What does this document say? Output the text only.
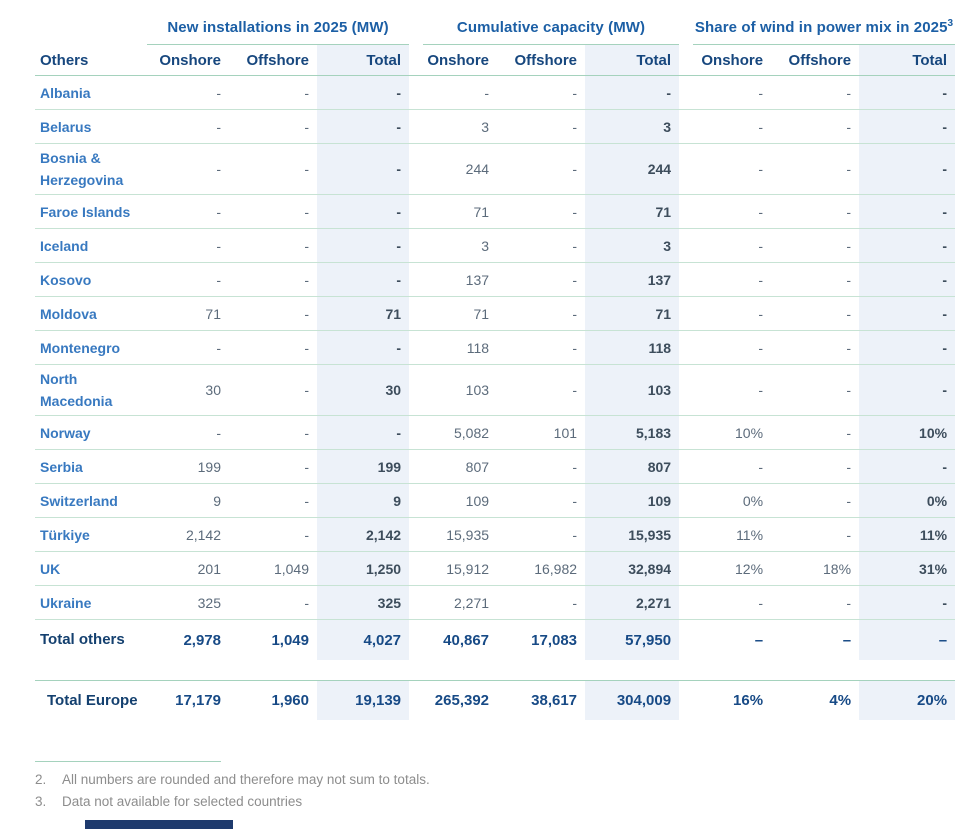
	New installations in 2025 (MW)			Cumulative capacity (MW)			Share of wind in power mix in 2025$^3$

Others	Onshore	Offshore	Total	Onshore	Offshore	Total	Onshore	Offshore	Total
Albania	-	-	-	-	-	-	-	-	-
Belarus	-	-	-	3	-	3	-	-	-
Bosnia & Herzegovina	-	-	-	244	-	244	-	-	-
Faroe Islands	-	-	-	71	-	71	-	-	-
Iceland	-	-	-	3	-	3	-	-	-
Kosovo	-	-	-	137	-	137	-	-	-
Moldova	71	-	71	71	-	71	-	-	-
Montenegro	-	-	-	118	-	118	-	-	-
North Macedonia	30	-	30	103	-	103	-	-	-
Norway	-	-	-	5,082	101	5,183	10%	-	10%
Serbia	199	-	199	807	-	807	-	-	-
Switzerland	9	-	9	109	-	109	0%	-	0%
Türkiye	2,142	-	2,142	15,935	-	15,935	11%	-	11%
UK	201	1,049	1,250	15,912	16,982	32,894	12%	18%	31%
Ukraine	325	-	325	2,271	-	2,271	-	-	-
Total others	2,978	1,049	4,027	40,867	17,083	57,950	–	–	–

Total Europe	17,179	1,960	19,139	265,392	38,617	304,009	16%	4%	20%
2.	All numbers are rounded and therefore may not sum to totals.
3.	Data not available for selected countries
